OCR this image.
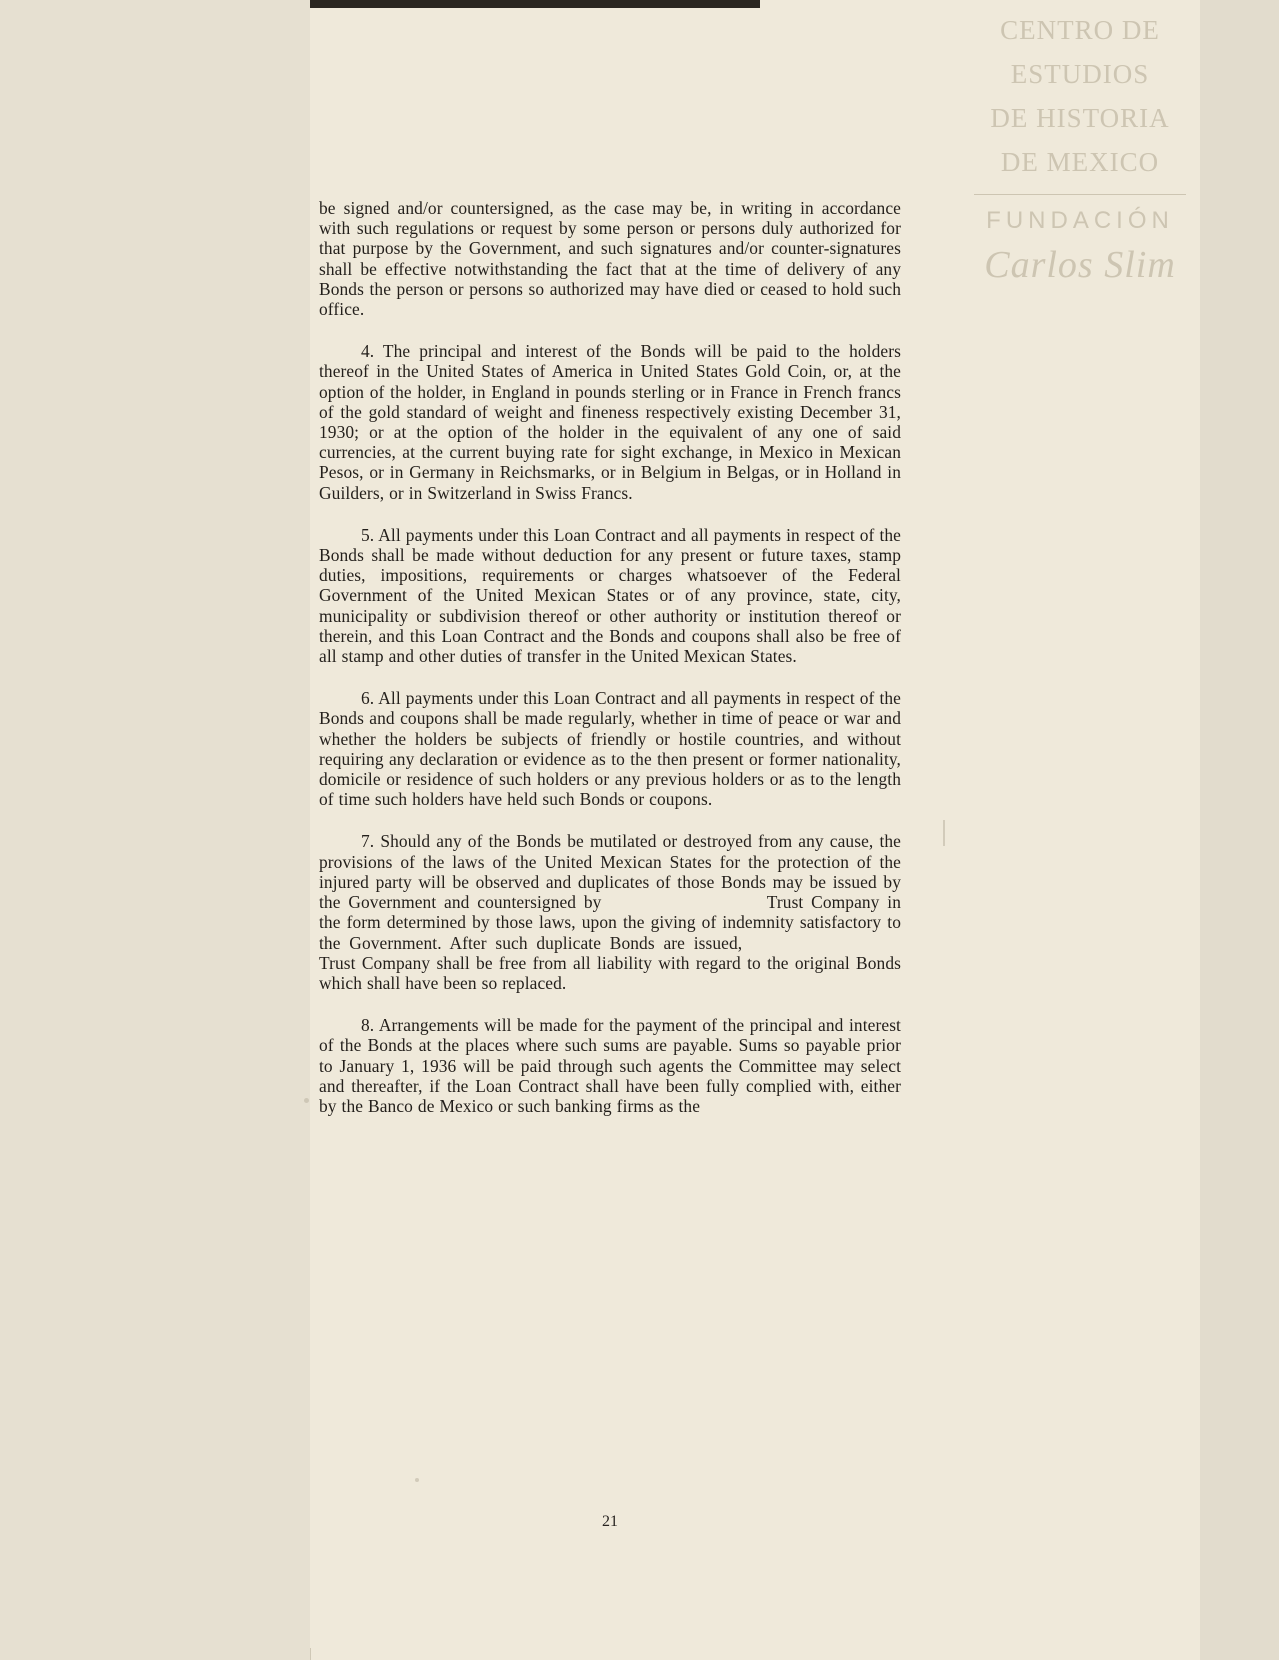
CENTRO DE
ESTUDIOS
DE HISTORIA
DE MEXICO
FUNDACIÓN
Carlos Slim

be signed and/or countersigned, as the case may be, in writing in accordance with such regulations or request by some person or persons duly authorized for that purpose by the Government, and such signatures and/or counter-signatures shall be effective notwithstanding the fact that at the time of delivery of any Bonds the person or persons so authorized may have died or ceased to hold such office.

4. The principal and interest of the Bonds will be paid to the holders thereof in the United States of America in United States Gold Coin, or, at the option of the holder, in England in pounds sterling or in France in French francs of the gold standard of weight and fineness respectively existing December 31, 1930; or at the option of the holder in the equivalent of any one of said currencies, at the current buying rate for sight exchange, in Mexico in Mexican Pesos, or in Germany in Reichsmarks, or in Belgium in Belgas, or in Holland in Guilders, or in Switzerland in Swiss Francs.

5. All payments under this Loan Contract and all payments in respect of the Bonds shall be made without deduction for any present or future taxes, stamp duties, impositions, requirements or charges whatsoever of the Federal Government of the United Mexican States or of any province, state, city, municipality or subdivision thereof or other authority or institution thereof or therein, and this Loan Contract and the Bonds and coupons shall also be free of all stamp and other duties of transfer in the United Mexican States.

6. All payments under this Loan Contract and all payments in respect of the Bonds and coupons shall be made regularly, whether in time of peace or war and whether the holders be subjects of friendly or hostile countries, and without requiring any declaration or evidence as to the then present or former nationality, domicile or residence of such holders or any previous holders or as to the length of time such holders have held such Bonds or coupons.

7. Should any of the Bonds be mutilated or destroyed from any cause, the provisions of the laws of the United Mexican States for the protection of the injured party will be observed and duplicates of those Bonds may be issued by the Government and countersigned by	Trust Company in the form determined by those laws, upon the giving of indemnity satisfactory to the Government. After such duplicate Bonds are issued,  Trust Company shall be free from all liability with regard to the original Bonds which shall have been so replaced.

8. Arrangements will be made for the payment of the principal and interest of the Bonds at the places where such sums are payable. Sums so payable prior to January 1, 1936 will be paid through such agents the Committee may select and thereafter, if the Loan Contract shall have been fully complied with, either by the Banco de Mexico or such banking firms as the

21
